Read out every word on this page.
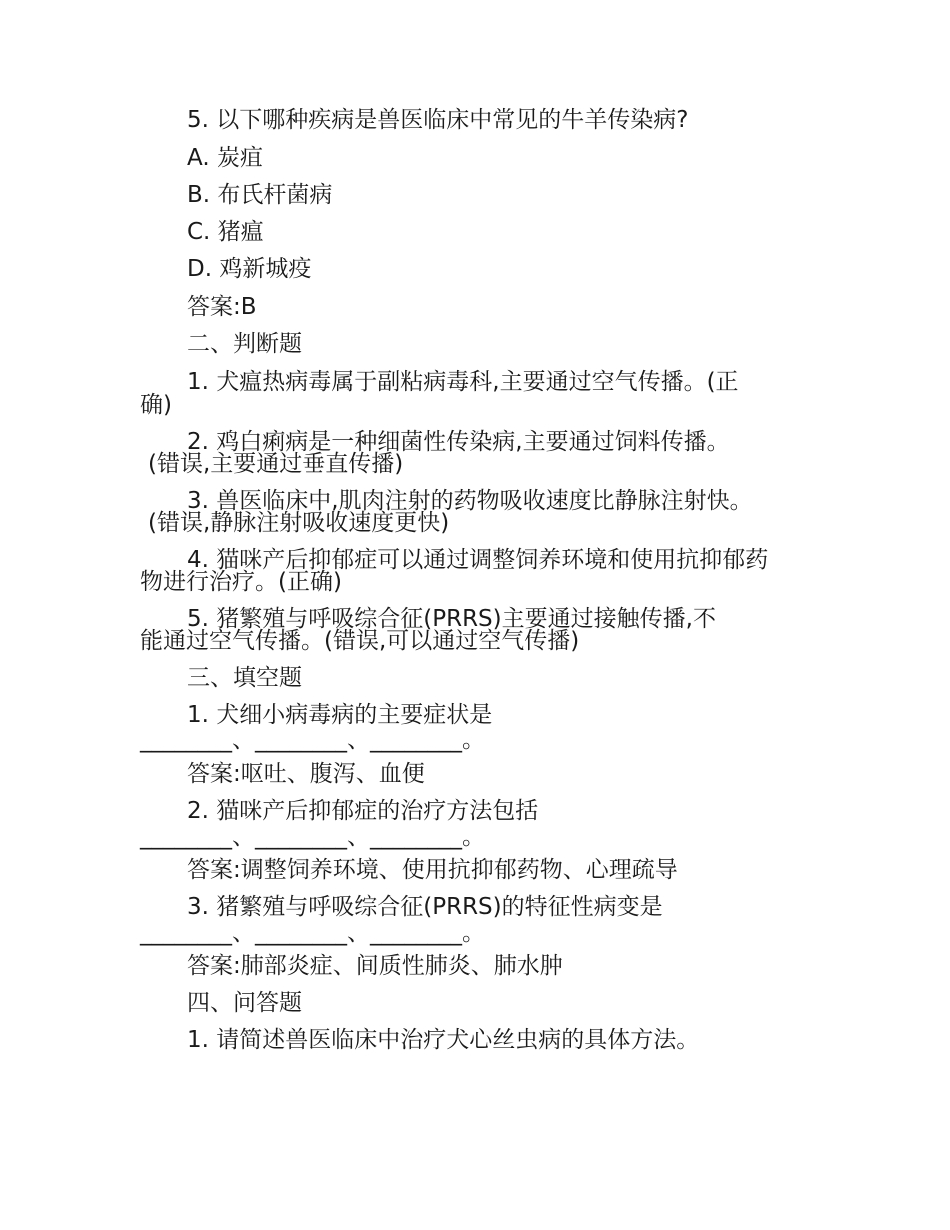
5. 以下哪种疾病是兽医临床中常见的牛羊传染病?

A. 炭疽

B. 布氏杆菌病

C. 猪瘟

D. 鸡新城疫

答案:B

二、判断题

1. 犬瘟热病毒属于副粘病毒科,主要通过空气传播。(正

确)

2. 鸡白痢病是一种细菌性传染病,主要通过饲料传播。

(错误,主要通过垂直传播)

3. 兽医临床中,肌肉注射的药物吸收速度比静脉注射快。

(错误,静脉注射吸收速度更快)

4. 猫咪产后抑郁症可以通过调整饲养环境和使用抗抑郁药

物进行治疗。(正确)

5. 猪繁殖与呼吸综合征(PRRS)主要通过接触传播,不

能通过空气传播。(错误,可以通过空气传播)

三、填空题

1. 犬细小病毒病的主要症状是

________、________、________。

答案:呕吐、腹泻、血便

2. 猫咪产后抑郁症的治疗方法包括

________、________、________。

答案:调整饲养环境、使用抗抑郁药物、心理疏导

3. 猪繁殖与呼吸综合征(PRRS)的特征性病变是

________、________、________。

答案:肺部炎症、间质性肺炎、肺水肿

四、问答题

1. 请简述兽医临床中治疗犬心丝虫病的具体方法。
